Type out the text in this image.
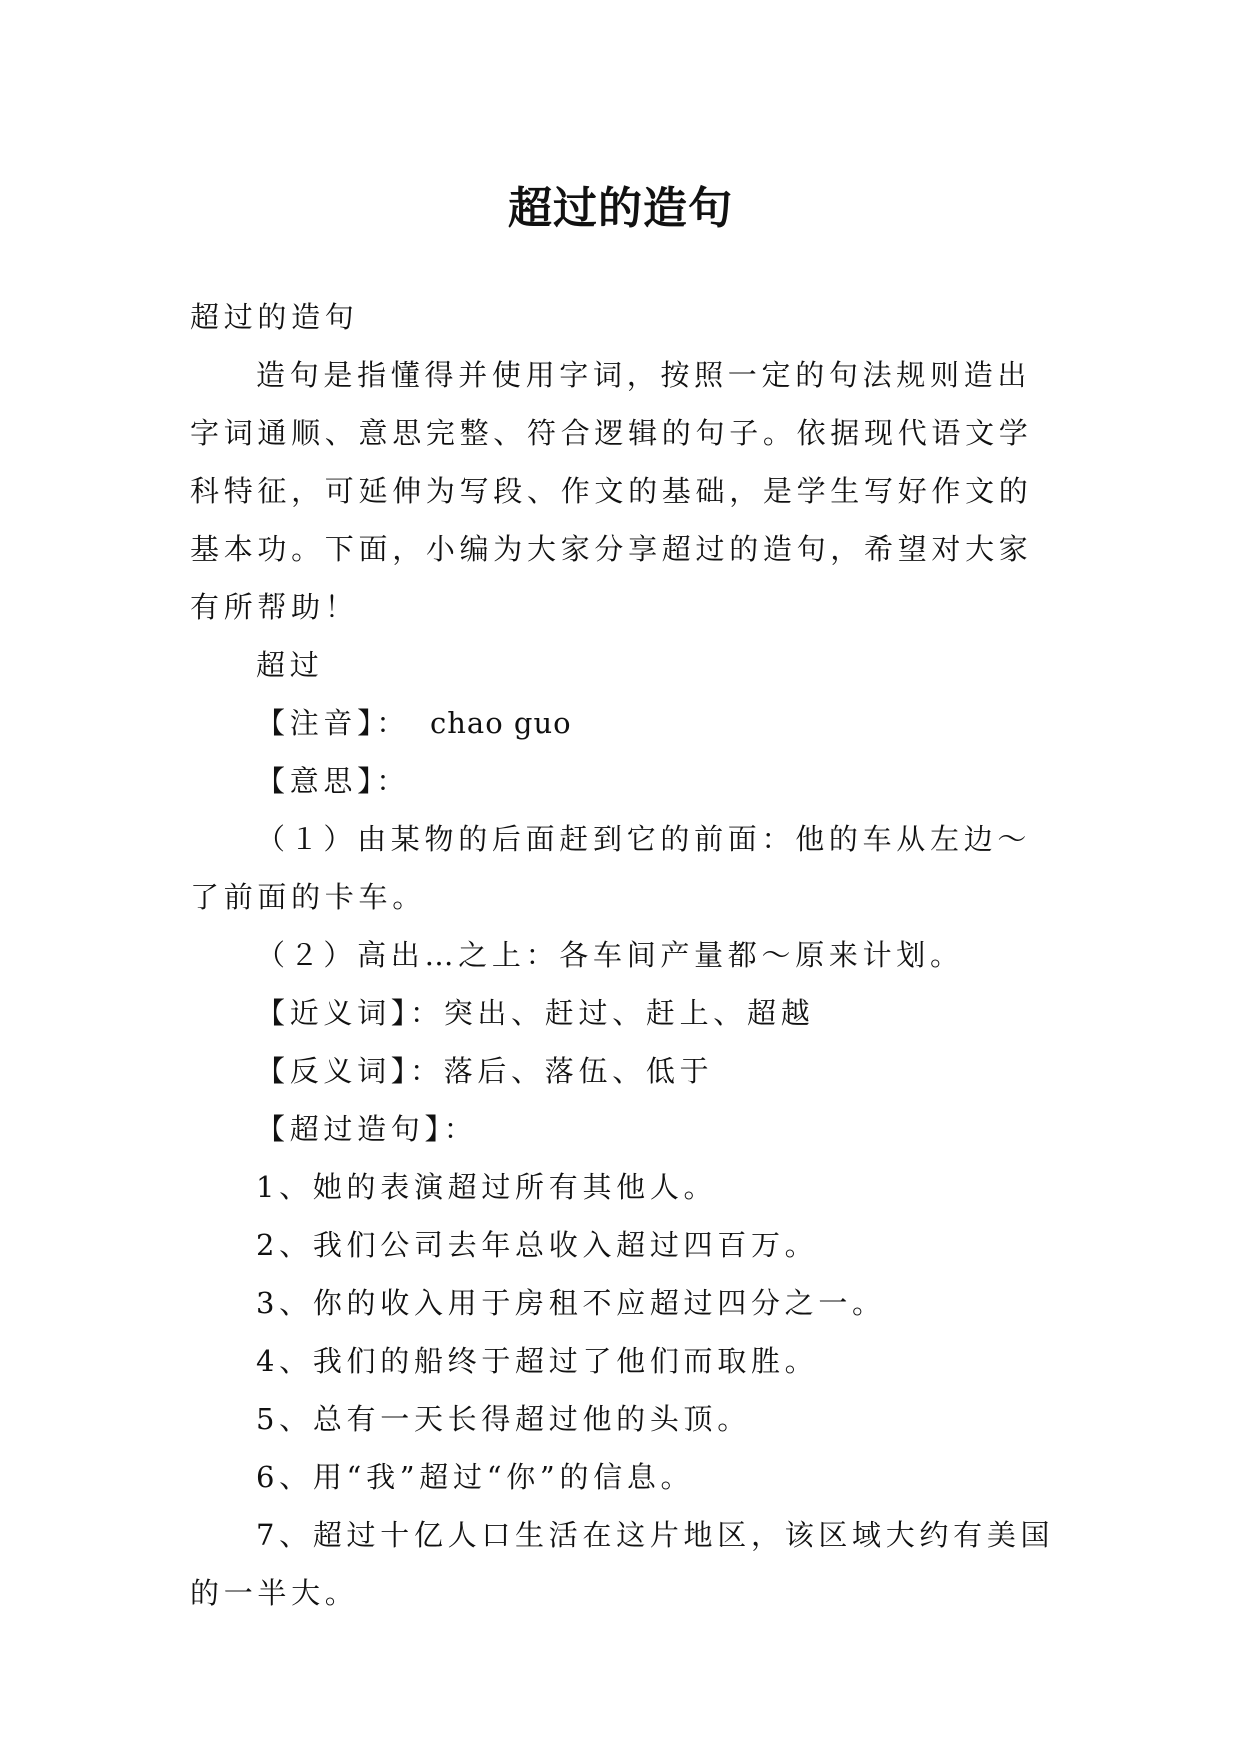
超过的造句

超过的造句

造句是指懂得并使用字词，按照一定的句法规则造出字词通顺、意思完整、符合逻辑的句子。依据现代语文学科特征，可延伸为写段、作文的基础，是学生写好作文的基本功。下面，小编为大家分享超过的造句，希望对大家有所帮助！

超过

【注音】： chao guo

【意思】：

（１）由某物的后面赶到它的前面：他的车从左边～了前面的卡车。

（２）高出…之上：各车间产量都～原来计划。

【近义词】：突出、赶过、赶上、超越

【反义词】：落后、落伍、低于

【超过造句】：

1、她的表演超过所有其他人。

2、我们公司去年总收入超过四百万。

3、你的收入用于房租不应超过四分之一。

4、我们的船终于超过了他们而取胜。

5、总有一天长得超过他的头顶。

6、用“我”超过“你”的信息。

7、超过十亿人口生活在这片地区，该区域大约有美国的一半大。
